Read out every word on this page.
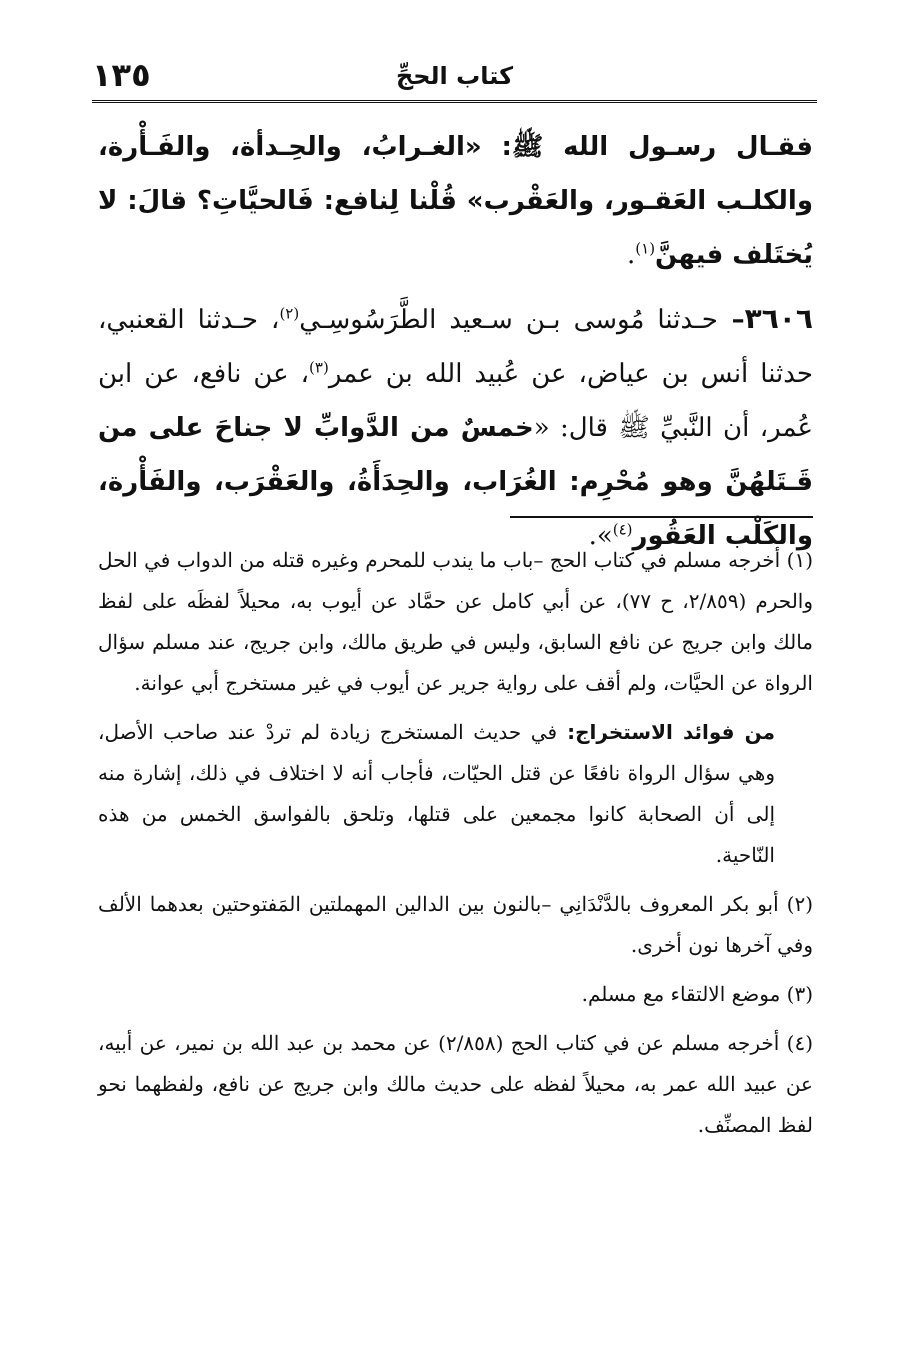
كتاب الحجِّ
١٣٥

فقـال رسـول الله ﷺ: «الغـرابُ، والحِـدأة، والفَـأْرة، والكلـب العَقـور، والعَقْرب» قُلْنا لِنافع: فَالحيَّاتِ؟ قالَ: لا يُختَلف فيهنَّ$^{(١)}$.

٣٦٠٦– حـدثنا مُوسى بـن سـعيد الطَّرَسُوسِـي$^{(٢)}$، حـدثنا القعنبي، حدثنا أنس بن عياض، عن عُبيد الله بن عمر$^{(٣)}$، عن نافع، عن ابن عُمر، أن النَّبيِّ ﷺ قال: «خمسٌ من الدَّوابِّ لا جناحَ على من قَـتَلهُنَّ وهو مُحْرِم: الغُرَاب، والحِدَأَةُ، والعَقْرَب، والفَأْرة، والكَلْب العَقُور$^{(٤)}$».

(١) أخرجه مسلم في كتاب الحج –باب ما يندب للمحرم وغيره قتله من الدواب في الحل والحرم (٢/٨٥٩، ح ٧٧)، عن أبي كامل عن حمَّاد عن أيوب به، محيلاً لفظَه على لفظ مالك وابن جريج عن نافع السابق، وليس في طريق مالك، وابن جريج، عند مسلم سؤال الرواة عن الحيَّات، ولم أقف على رواية جرير عن أيوب في غير مستخرج أبي عوانة.

من فوائد الاستخراج: في حديث المستخرج زيادة لم تردْ عند صاحب الأصل، وهي سؤال الرواة نافعًا عن قتل الحيّات، فأجاب أنه لا اختلاف في ذلك، إشارة منه إلى أن الصحابة كانوا مجمعين على قتلها، وتلحق بالفواسق الخمس من هذه النّاحية.

(٢) أبو بكر المعروف بالدَّنْدَانِي –بالنون بين الدالين المهملتين المَفتوحتين بعدهما الألف وفي آخرها نون أخرى.

(٣) موضع الالتقاء مع مسلم.

(٤) أخرجه مسلم عن في كتاب الحج (٢/٨٥٨) عن محمد بن عبد الله بن نمير، عن أبيه، عن عبيد الله عمر به، محيلاً لفظه على حديث مالك وابن جريج عن نافع، ولفظهما نحو لفظ المصنِّف.
